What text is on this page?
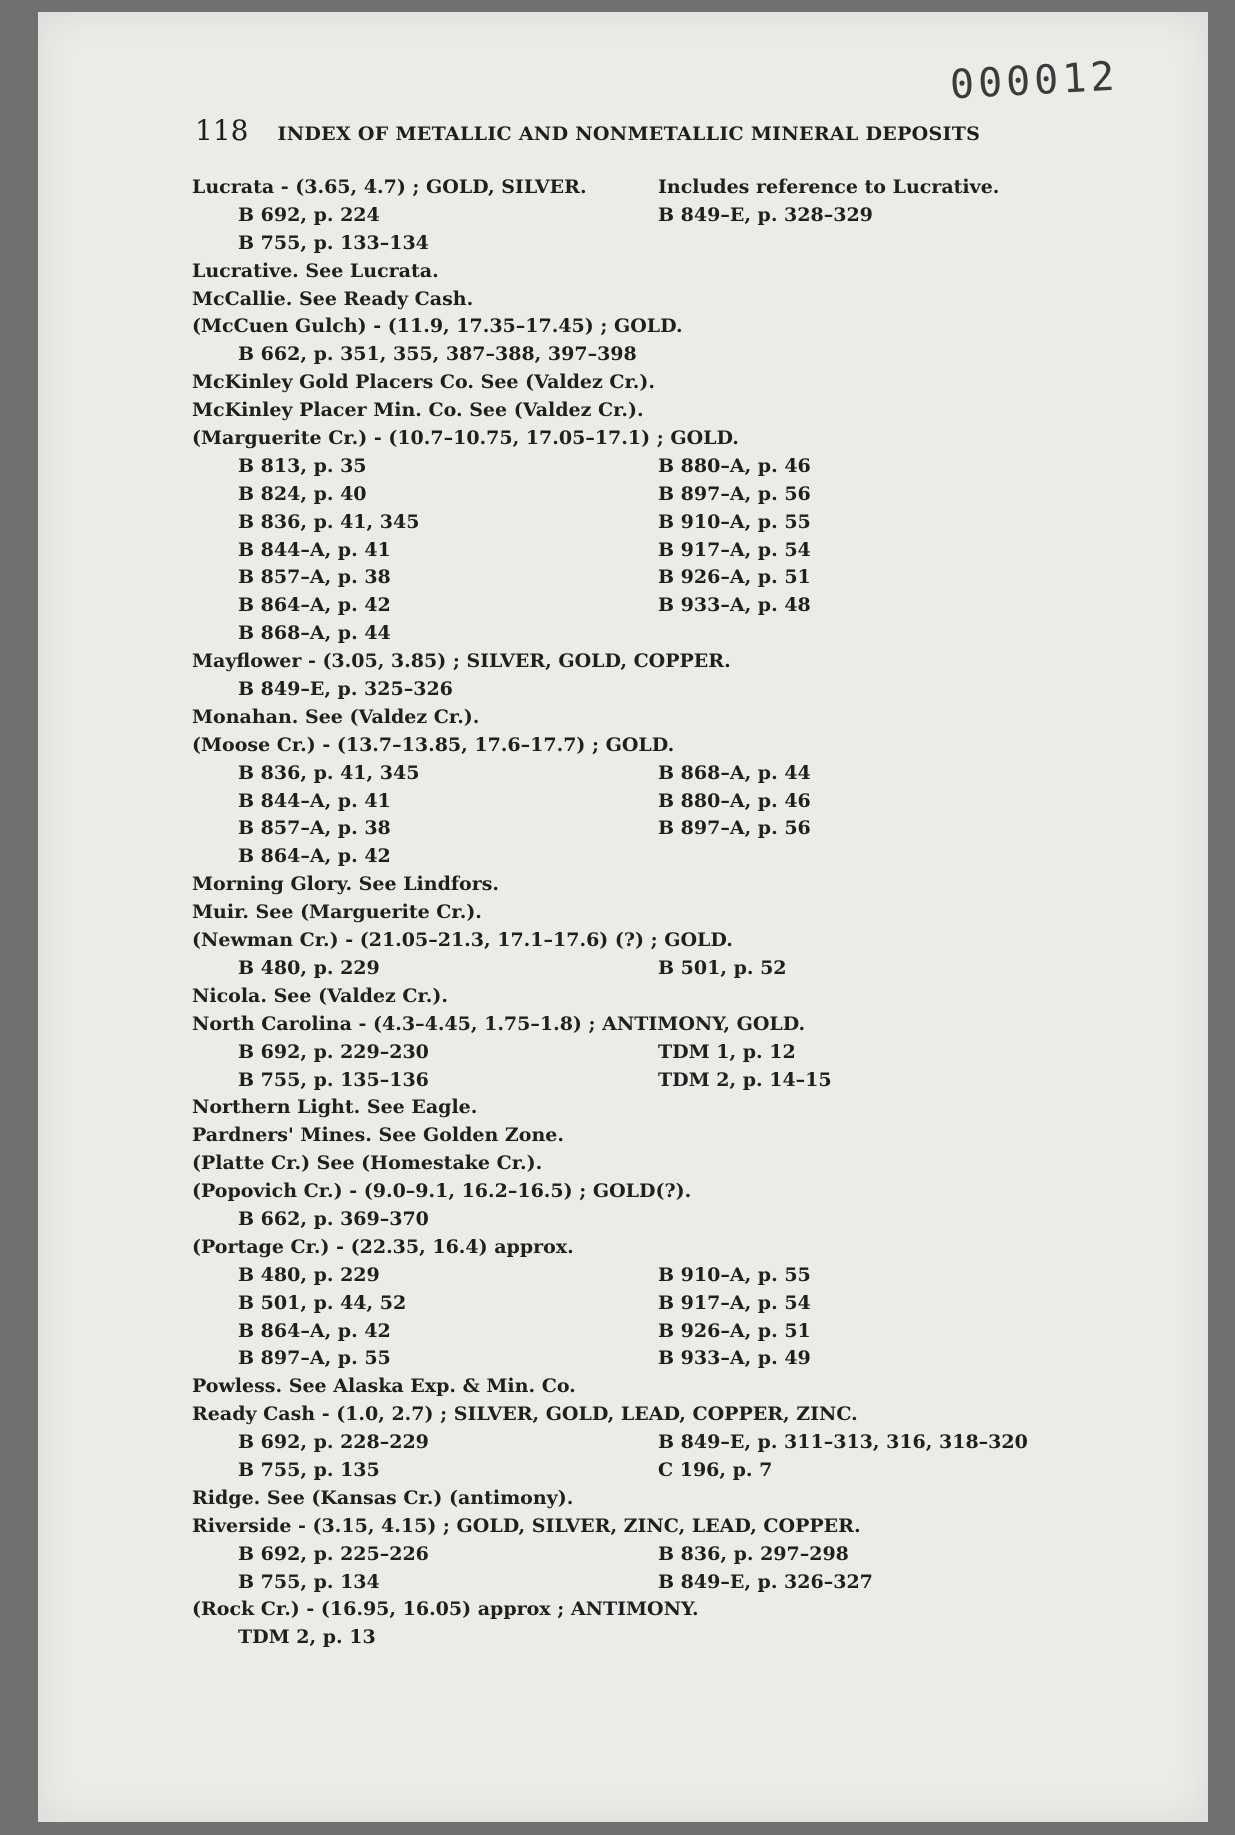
000012
118 INDEX OF METALLIC AND NONMETALLIC MINERAL DEPOSITS
Lucrata - (3.65, 4.7) ; GOLD, SILVER.	Includes reference to Lucrative.
B 692, p. 224	B 849–E, p. 328–329
B 755, p. 133–134
Lucrative. See Lucrata.
McCallie. See Ready Cash.
(McCuen Gulch) - (11.9, 17.35–17.45) ; GOLD.
B 662, p. 351, 355, 387–388, 397–398
McKinley Gold Placers Co. See (Valdez Cr.).
McKinley Placer Min. Co. See (Valdez Cr.).
(Marguerite Cr.) - (10.7–10.75, 17.05–17.1) ; GOLD.
B 813, p. 35	B 880–A, p. 46
B 824, p. 40	B 897–A, p. 56
B 836, p. 41, 345	B 910–A, p. 55
B 844–A, p. 41	B 917–A, p. 54
B 857–A, p. 38	B 926–A, p. 51
B 864–A, p. 42	B 933–A, p. 48
B 868–A, p. 44
Mayflower - (3.05, 3.85) ; SILVER, GOLD, COPPER.
B 849–E, p. 325–326
Monahan. See (Valdez Cr.).
(Moose Cr.) - (13.7–13.85, 17.6–17.7) ; GOLD.
B 836, p. 41, 345	B 868–A, p. 44
B 844–A, p. 41	B 880–A, p. 46
B 857–A, p. 38	B 897–A, p. 56
B 864–A, p. 42
Morning Glory. See Lindfors.
Muir. See (Marguerite Cr.).
(Newman Cr.) - (21.05–21.3, 17.1–17.6) (?) ; GOLD.
B 480, p. 229	B 501, p. 52
Nicola. See (Valdez Cr.).
North Carolina - (4.3–4.45, 1.75–1.8) ; ANTIMONY, GOLD.
B 692, p. 229–230	TDM 1, p. 12
B 755, p. 135–136	TDM 2, p. 14–15
Northern Light. See Eagle.
Pardners' Mines. See Golden Zone.
(Platte Cr.) See (Homestake Cr.).
(Popovich Cr.) - (9.0–9.1, 16.2–16.5) ; GOLD(?).
B 662, p. 369–370
(Portage Cr.) - (22.35, 16.4) approx.
B 480, p. 229	B 910–A, p. 55
B 501, p. 44, 52	B 917–A, p. 54
B 864–A, p. 42	B 926–A, p. 51
B 897–A, p. 55	B 933–A, p. 49
Powless. See Alaska Exp. & Min. Co.
Ready Cash - (1.0, 2.7) ; SILVER, GOLD, LEAD, COPPER, ZINC.
B 692, p. 228–229	B 849–E, p. 311–313, 316, 318–320
B 755, p. 135	C 196, p. 7
Ridge. See (Kansas Cr.) (antimony).
Riverside - (3.15, 4.15) ; GOLD, SILVER, ZINC, LEAD, COPPER.
B 692, p. 225–226	B 836, p. 297–298
B 755, p. 134	B 849–E, p. 326–327
(Rock Cr.) - (16.95, 16.05) approx ; ANTIMONY.
TDM 2, p. 13
